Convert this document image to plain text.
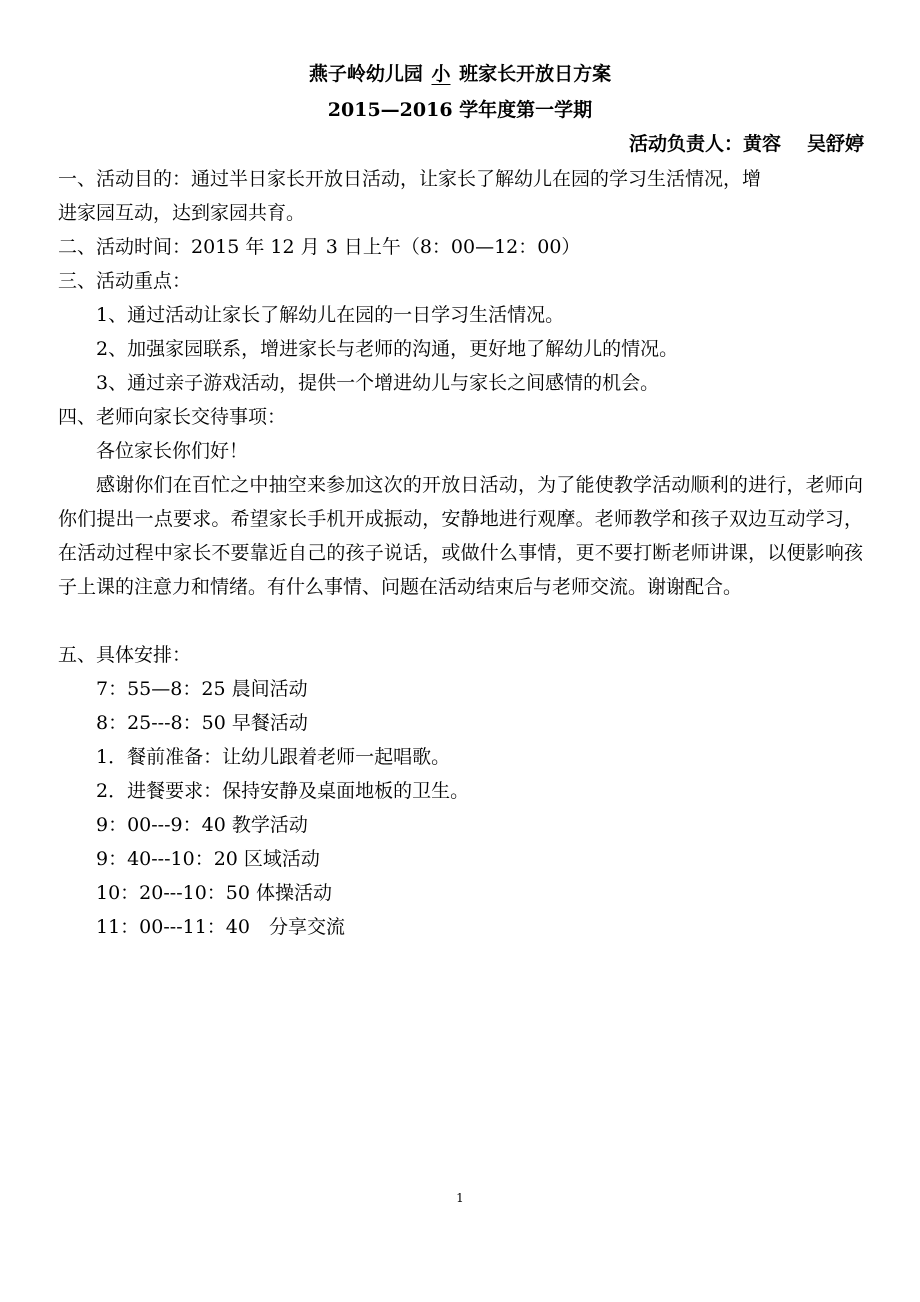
燕子岭幼儿园 小 班家长开放日方案
2015—2016 学年度第一学期
活动负责人：黄容 吴舒婷
一、活动目的：通过半日家长开放日活动，让家长了解幼儿在园的学习生活情况，增
进家园互动，达到家园共育。
二、活动时间：2015 年 12 月 3 日上午（8：00—12：00）
三、活动重点：
1、通过活动让家长了解幼儿在园的一日学习生活情况。
2、加强家园联系，增进家长与老师的沟通，更好地了解幼儿的情况。
3、通过亲子游戏活动，提供一个增进幼儿与家长之间感情的机会。
四、老师向家长交待事项：
各位家长你们好！
感谢你们在百忙之中抽空来参加这次的开放日活动，为了能使教学活动顺利的进行，老师向你们提出一点要求。希望家长手机开成振动，安静地进行观摩。老师教学和孩子双边互动学习，在活动过程中家长不要靠近自己的孩子说话，或做什么事情，更不要打断老师讲课，以便影响孩子上课的注意力和情绪。有什么事情、问题在活动结束后与老师交流。谢谢配合。
五、具体安排：
7：55—8：25 晨间活动
8：25---8：50 早餐活动
1．餐前准备：让幼儿跟着老师一起唱歌。
2．进餐要求：保持安静及桌面地板的卫生。
9：00---9：40 教学活动
9：40---10：20 区域活动
10：20---10：50 体操活动
11：00---11：40　分享交流
1
